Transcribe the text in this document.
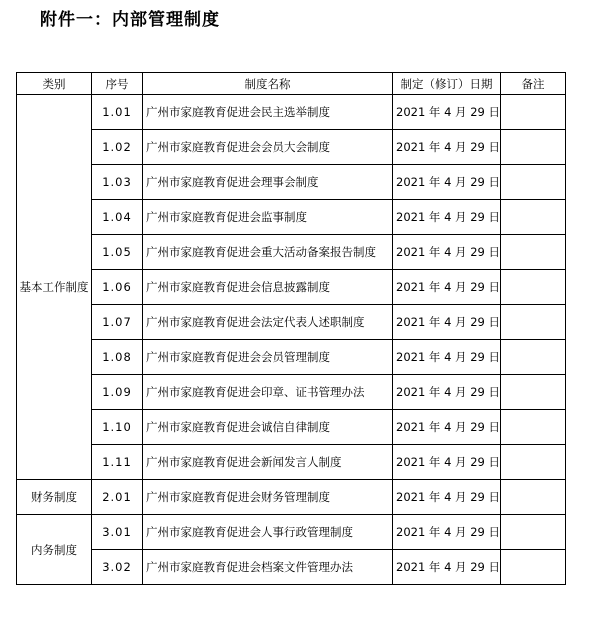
附件一：内部管理制度
类别	序号	制度名称	制定（修订）日期	备注
基本工作制度	1.01	广州市家庭教育促进会民主选举制度	2021 年 4 月 29 日	
	1.02	广州市家庭教育促进会会员大会制度	2021 年 4 月 29 日	
	1.03	广州市家庭教育促进会理事会制度	2021 年 4 月 29 日	
	1.04	广州市家庭教育促进会监事制度	2021 年 4 月 29 日	
	1.05	广州市家庭教育促进会重大活动备案报告制度	2021 年 4 月 29 日	
	1.06	广州市家庭教育促进会信息披露制度	2021 年 4 月 29 日	
	1.07	广州市家庭教育促进会法定代表人述职制度	2021 年 4 月 29 日	
	1.08	广州市家庭教育促进会会员管理制度	2021 年 4 月 29 日	
	1.09	广州市家庭教育促进会印章、证书管理办法	2021 年 4 月 29 日	
	1.10	广州市家庭教育促进会诚信自律制度	2021 年 4 月 29 日	
	1.11	广州市家庭教育促进会新闻发言人制度	2021 年 4 月 29 日	
财务制度	2.01	广州市家庭教育促进会财务管理制度	2021 年 4 月 29 日	
内务制度	3.01	广州市家庭教育促进会人事行政管理制度	2021 年 4 月 29 日	
	3.02	广州市家庭教育促进会档案文件管理办法	2021 年 4 月 29 日	
